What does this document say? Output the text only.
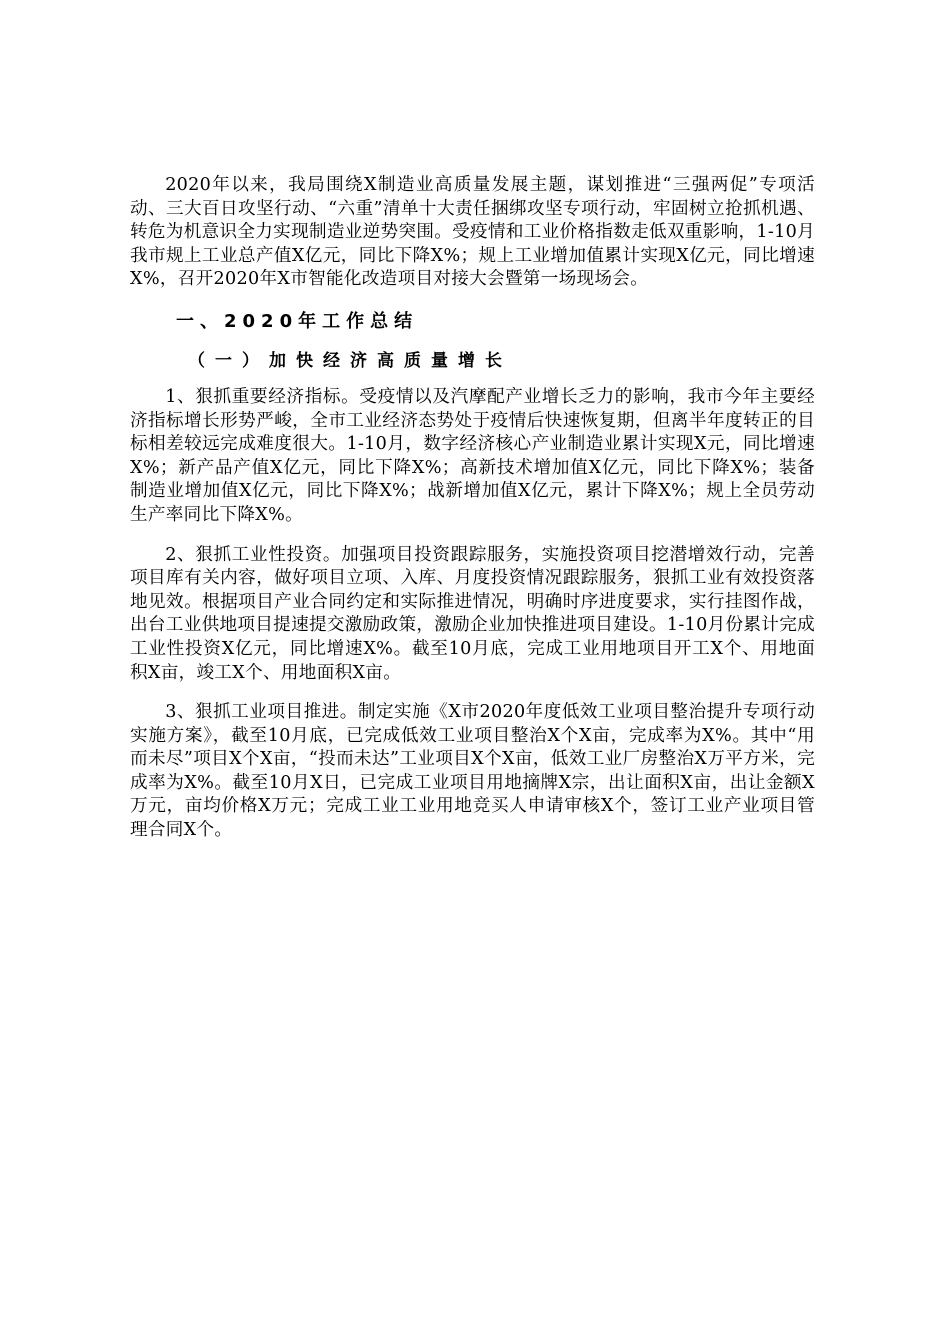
2020年以来，我局围绕X制造业高质量发展主题，谋划推进“三强两促”专项活动、三大百日攻坚行动、“六重”清单十大责任捆绑攻坚专项行动，牢固树立抢抓机遇、转危为机意识全力实现制造业逆势突围。受疫情和工业价格指数走低双重影响，1-10月我市规上工业总产值X亿元，同比下降X%；规上工业增加值累计实现X亿元，同比增速X%，召开2020年X市智能化改造项目对接大会暨第一场现场会。

一、2020年工作总结
（一）加快经济高质量增长

1、狠抓重要经济指标。受疫情以及汽摩配产业增长乏力的影响，我市今年主要经济指标增长形势严峻，全市工业经济态势处于疫情后快速恢复期，但离半年度转正的目标相差较远完成难度很大。1-10月，数字经济核心产业制造业累计实现X元，同比增速X%；新产品产值X亿元，同比下降X%；高新技术增加值X亿元，同比下降X%；装备制造业增加值X亿元，同比下降X%；战新增加值X亿元，累计下降X%；规上全员劳动生产率同比下降X%。

2、狠抓工业性投资。加强项目投资跟踪服务，实施投资项目挖潜增效行动，完善项目库有关内容，做好项目立项、入库、月度投资情况跟踪服务，狠抓工业有效投资落地见效。根据项目产业合同约定和实际推进情况，明确时序进度要求，实行挂图作战，出台工业供地项目提速提交激励政策，激励企业加快推进项目建设。1-10月份累计完成工业性投资X亿元，同比增速X%。截至10月底，完成工业用地项目开工X个、用地面积X亩，竣工X个、用地面积X亩。

3、狠抓工业项目推进。制定实施《X市2020年度低效工业项目整治提升专项行动实施方案》，截至10月底，已完成低效工业项目整治X个X亩，完成率为X%。其中“用而未尽”项目X个X亩，“投而未达”工业项目X个X亩，低效工业厂房整治X万平方米，完成率为X%。截至10月X日，已完成工业项目用地摘牌X宗，出让面积X亩，出让金额X万元，亩均价格X万元；完成工业工业用地竞买人申请审核X个，签订工业产业项目管理合同X个。
